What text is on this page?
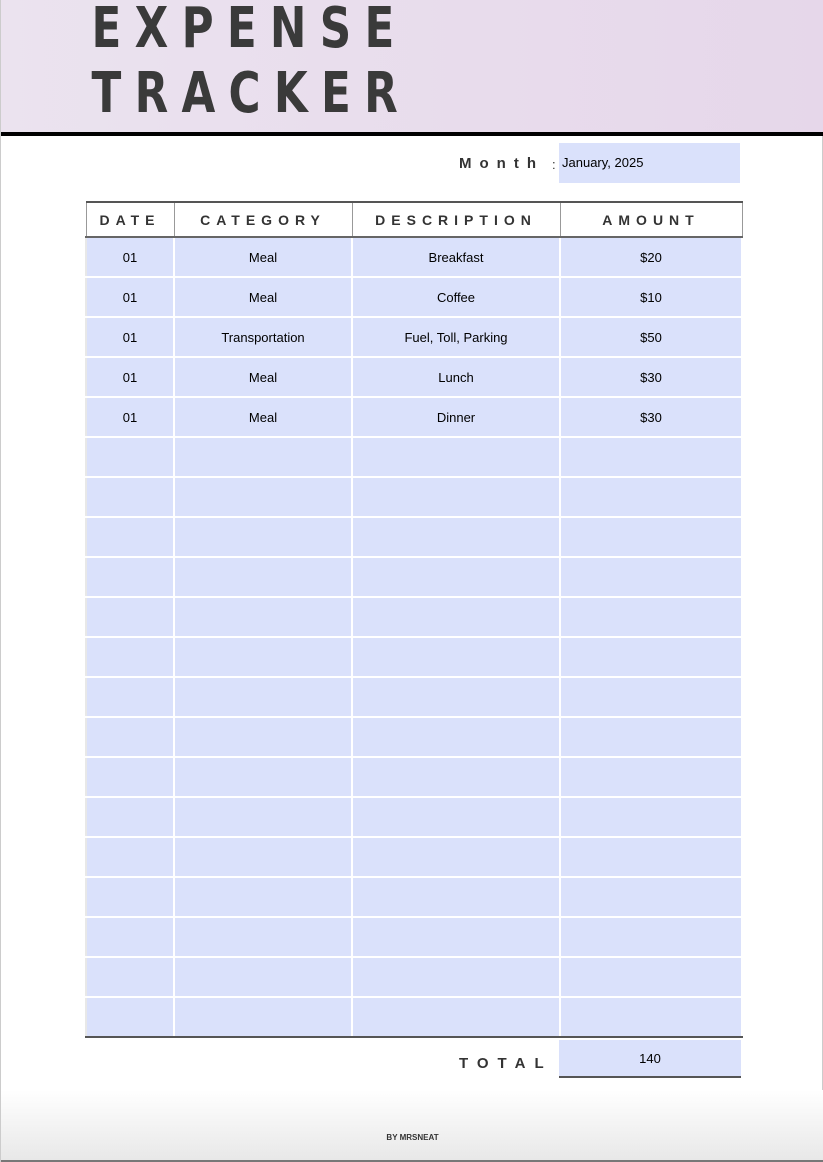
EXPENSE TRACKER
Month : January, 2025
DATE	CATEGORY	DESCRIPTION	AMOUNT
01	Meal	Breakfast	$20
01	Meal	Coffee	$10
01	Transportation	Fuel, Toll, Parking	$50
01	Meal	Lunch	$30
01	Meal	Dinner	$30

TOTAL	140
BY MRSNEAT
